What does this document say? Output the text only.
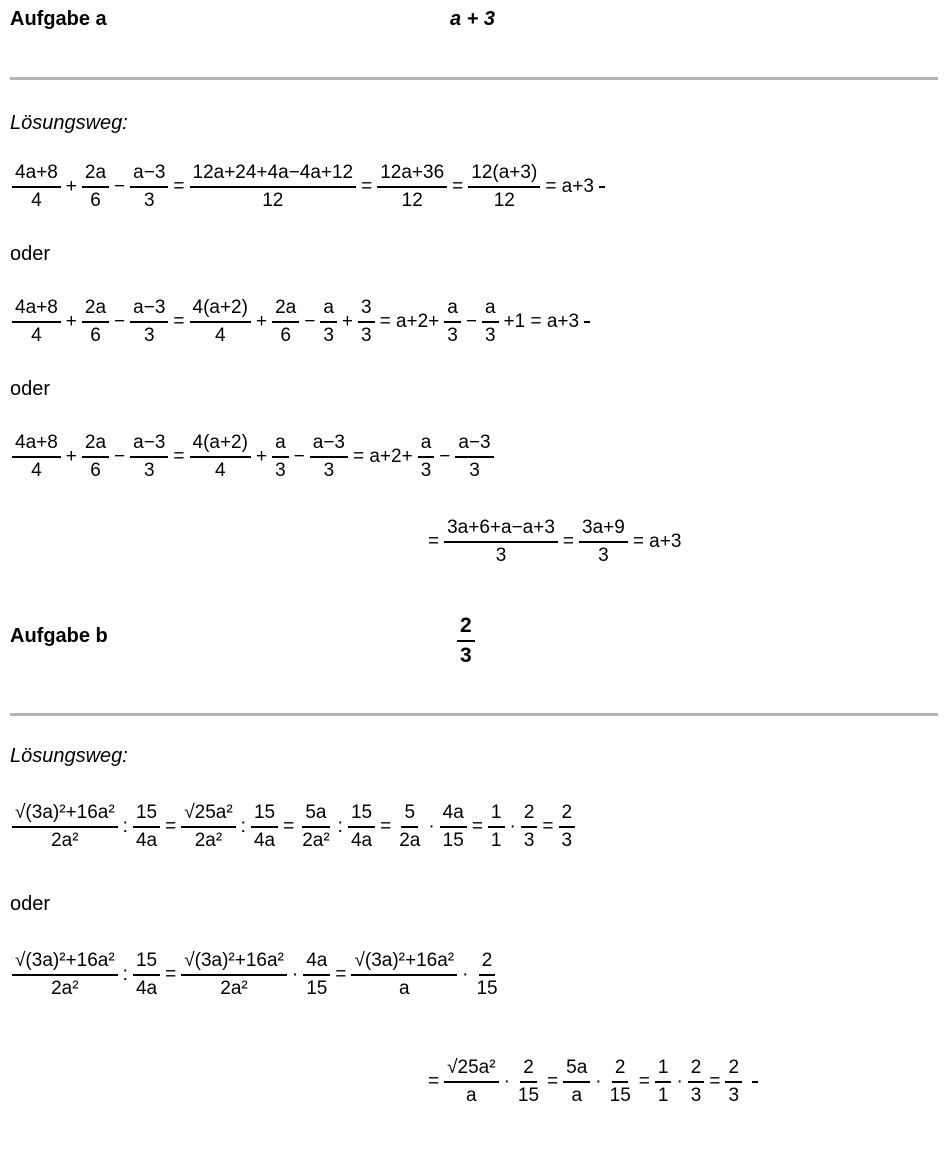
Aufgabe a	a + 3
Lösungsweg:
$\frac{4a+8}{4} + \frac{2a}{6} - \frac{a-3}{3} = \frac{12a+24+4a-4a+12}{12} = \frac{12a+36}{12} = \frac{12(a+3)}{12} = a+3$
oder
$\frac{4a+8}{4} + \frac{2a}{6} - \frac{a-3}{3} = \frac{4(a+2)}{4} + \frac{2a}{6} - \frac{a}{3} + \frac{3}{3} = a+2+ \frac{a}{3} - \frac{a}{3} +1 = a+3$
oder
$\frac{4a+8}{4} + \frac{2a}{6} - \frac{a-3}{3} = \frac{4(a+2)}{4} + \frac{a}{3} - \frac{a-3}{3} = a+2+ \frac{a}{3} - \frac{a-3}{3}$
= $\frac{3a+6+a-a+3}{3} = \frac{3a+9}{3} = a+3$
Aufgabe b	$\frac{2}{3}$
Lösungsweg:
$\frac{\text{√(3a)²+16a²}}{\text{2a²}}$ : $\frac{15}{4a} = \frac{\text{√25a²}}{\text{2a²}}$ : $\frac{15}{4a} = \frac{5a}{\text{2a²}}$ : $\frac{15}{4a} = \frac{5}{2a} \cdot \frac{4a}{15} = \frac{1}{1} \cdot \frac{2}{3} = \frac{2}{3}$
oder
$\frac{\text{√(3a)²+16a²}}{\text{2a²}}$ : $\frac{15}{4a} = \frac{\text{√(3a)²+16a²}}{\text{2a²}} \cdot \frac{4a}{15} = \frac{\text{√(3a)²+16a²}}{a} \cdot \frac{2}{15}$
= $\frac{\text{√25a²}}{a} \cdot \frac{2}{15} = \frac{5a}{a} \cdot \frac{2}{15} = \frac{1}{1} \cdot \frac{2}{3} = \frac{2}{3}$
